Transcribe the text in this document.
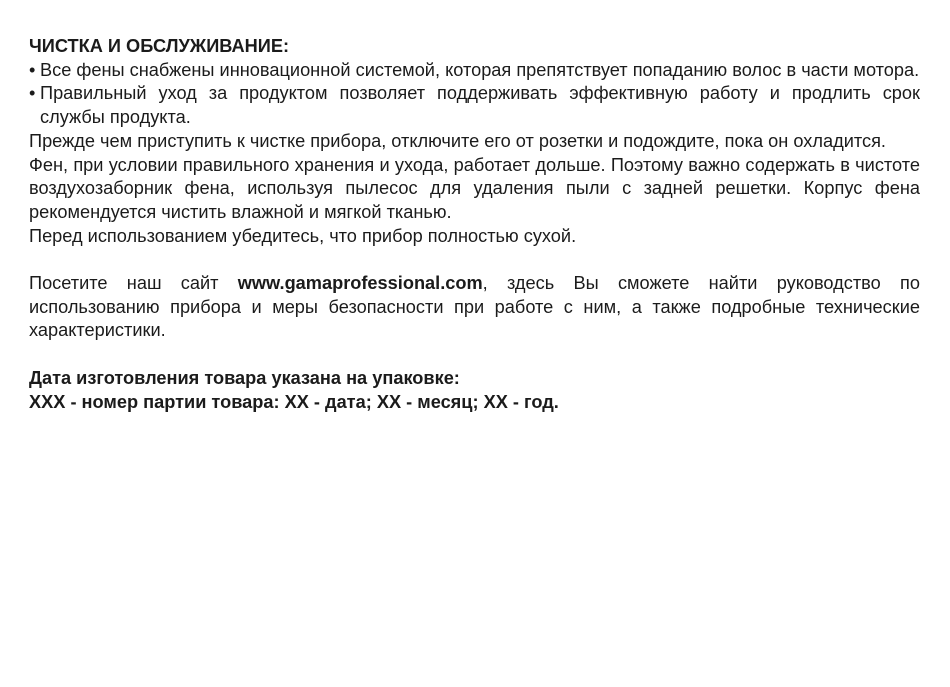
ЧИСТКА И ОБСЛУЖИВАНИЕ:

• Все фены снабжены инновационной системой, которая препятствует попаданию волос в части мотора.
• Правильный уход за продуктом позволяет поддерживать эффективную работу и продлить срок службы продукта.

Прежде чем приступить к чистке прибора, отключите его от розетки и подождите, пока он охладится.

Фен, при условии правильного хранения и ухода, работает дольше. Поэтому важно содержать в чистоте воздухозаборник фена, используя пылесос для удаления пыли с задней решетки. Корпус фена рекомендуется чистить влажной и мягкой тканью.

Перед использованием убедитесь, что прибор полностью сухой.

Посетите наш сайт www.gamaprofessional.com, здесь Вы сможете найти руководство по использованию прибора и меры безопасности при работе с ним, а также подробные технические характеристики.

Дата изготовления товара указана на упаковке:

XXX - номер партии товара: XX - дата; XX - месяц; XX - год.
